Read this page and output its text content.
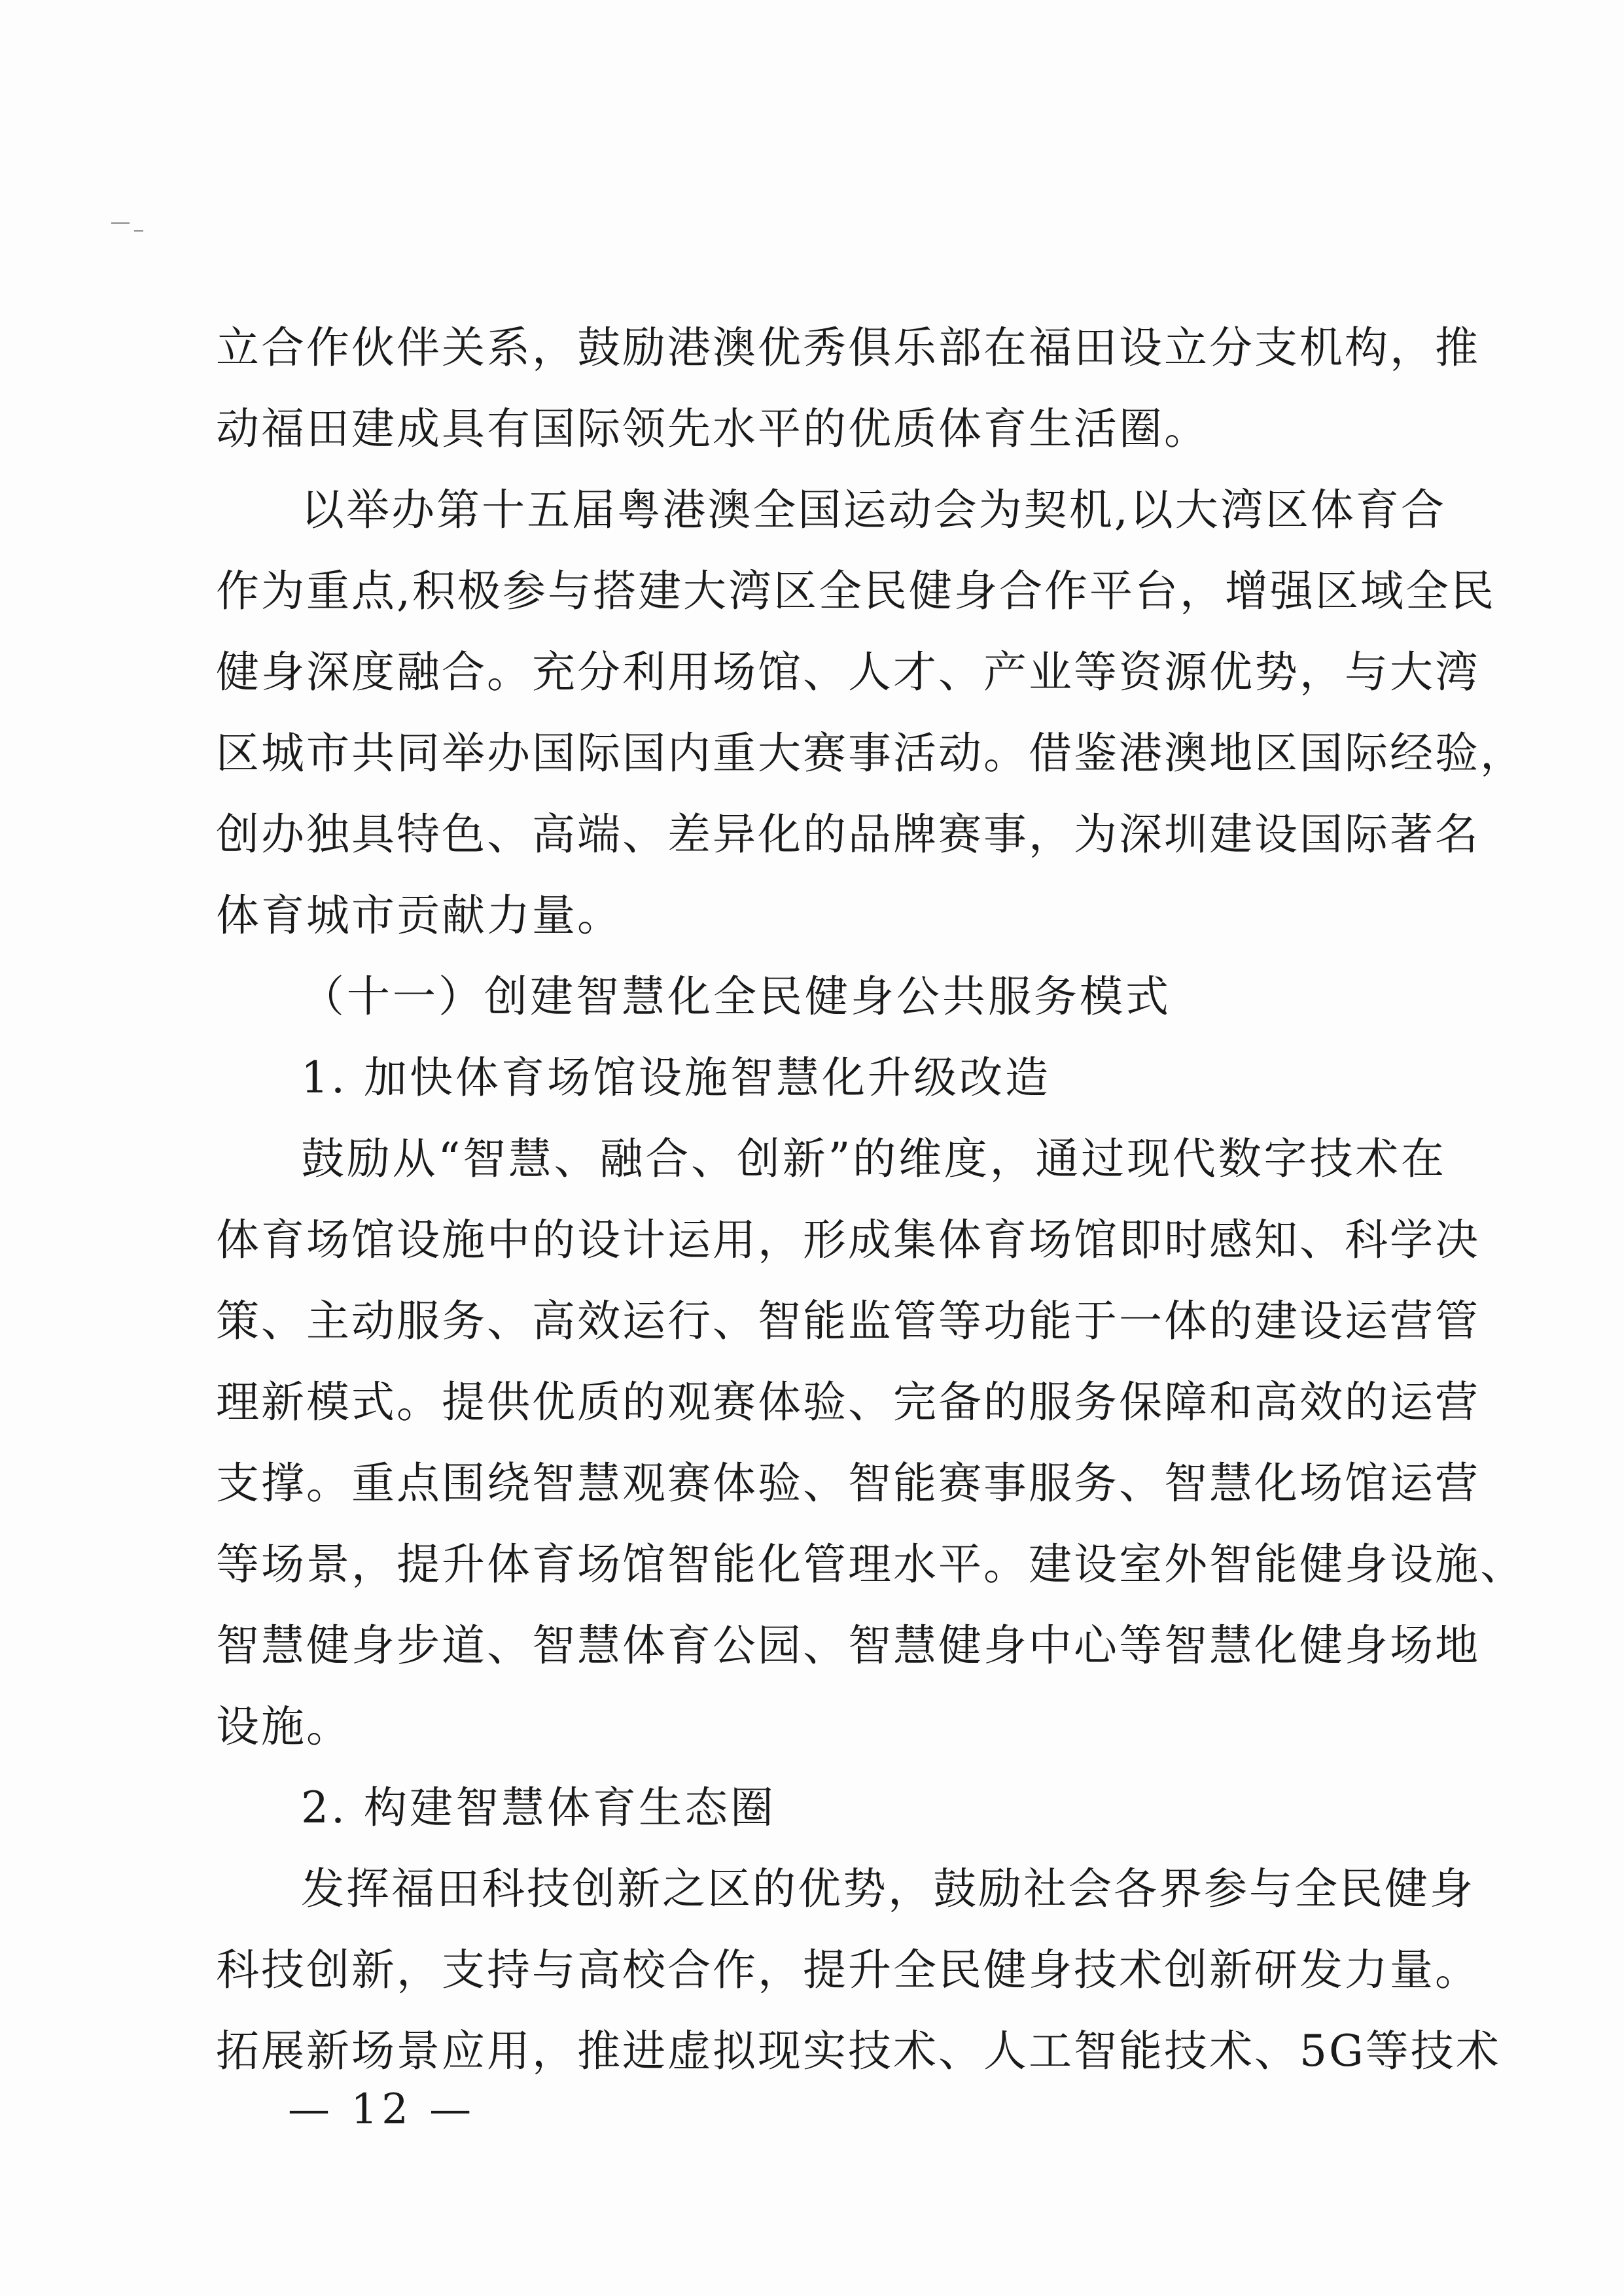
立合作伙伴关系，鼓励港澳优秀俱乐部在福田设立分支机构，推
动福田建成具有国际领先水平的优质体育生活圈。
以举办第十五届粤港澳全国运动会为契机,以大湾区体育合
作为重点,积极参与搭建大湾区全民健身合作平台，增强区域全民
健身深度融合。充分利用场馆、人才、产业等资源优势，与大湾
区城市共同举办国际国内重大赛事活动。借鉴港澳地区国际经验，
创办独具特色、高端、差异化的品牌赛事，为深圳建设国际著名
体育城市贡献力量。
（十一）创建智慧化全民健身公共服务模式
1. 加快体育场馆设施智慧化升级改造
鼓励从“智慧、融合、创新”的维度，通过现代数字技术在
体育场馆设施中的设计运用，形成集体育场馆即时感知、科学决
策、主动服务、高效运行、智能监管等功能于一体的建设运营管
理新模式。提供优质的观赛体验、完备的服务保障和高效的运营
支撑。重点围绕智慧观赛体验、智能赛事服务、智慧化场馆运营
等场景，提升体育场馆智能化管理水平。建设室外智能健身设施、
智慧健身步道、智慧体育公园、智慧健身中心等智慧化健身场地
设施。
2. 构建智慧体育生态圈
发挥福田科技创新之区的优势，鼓励社会各界参与全民健身
科技创新，支持与高校合作，提升全民健身技术创新研发力量。
拓展新场景应用，推进虚拟现实技术、人工智能技术、5G等技术
— 12 —
